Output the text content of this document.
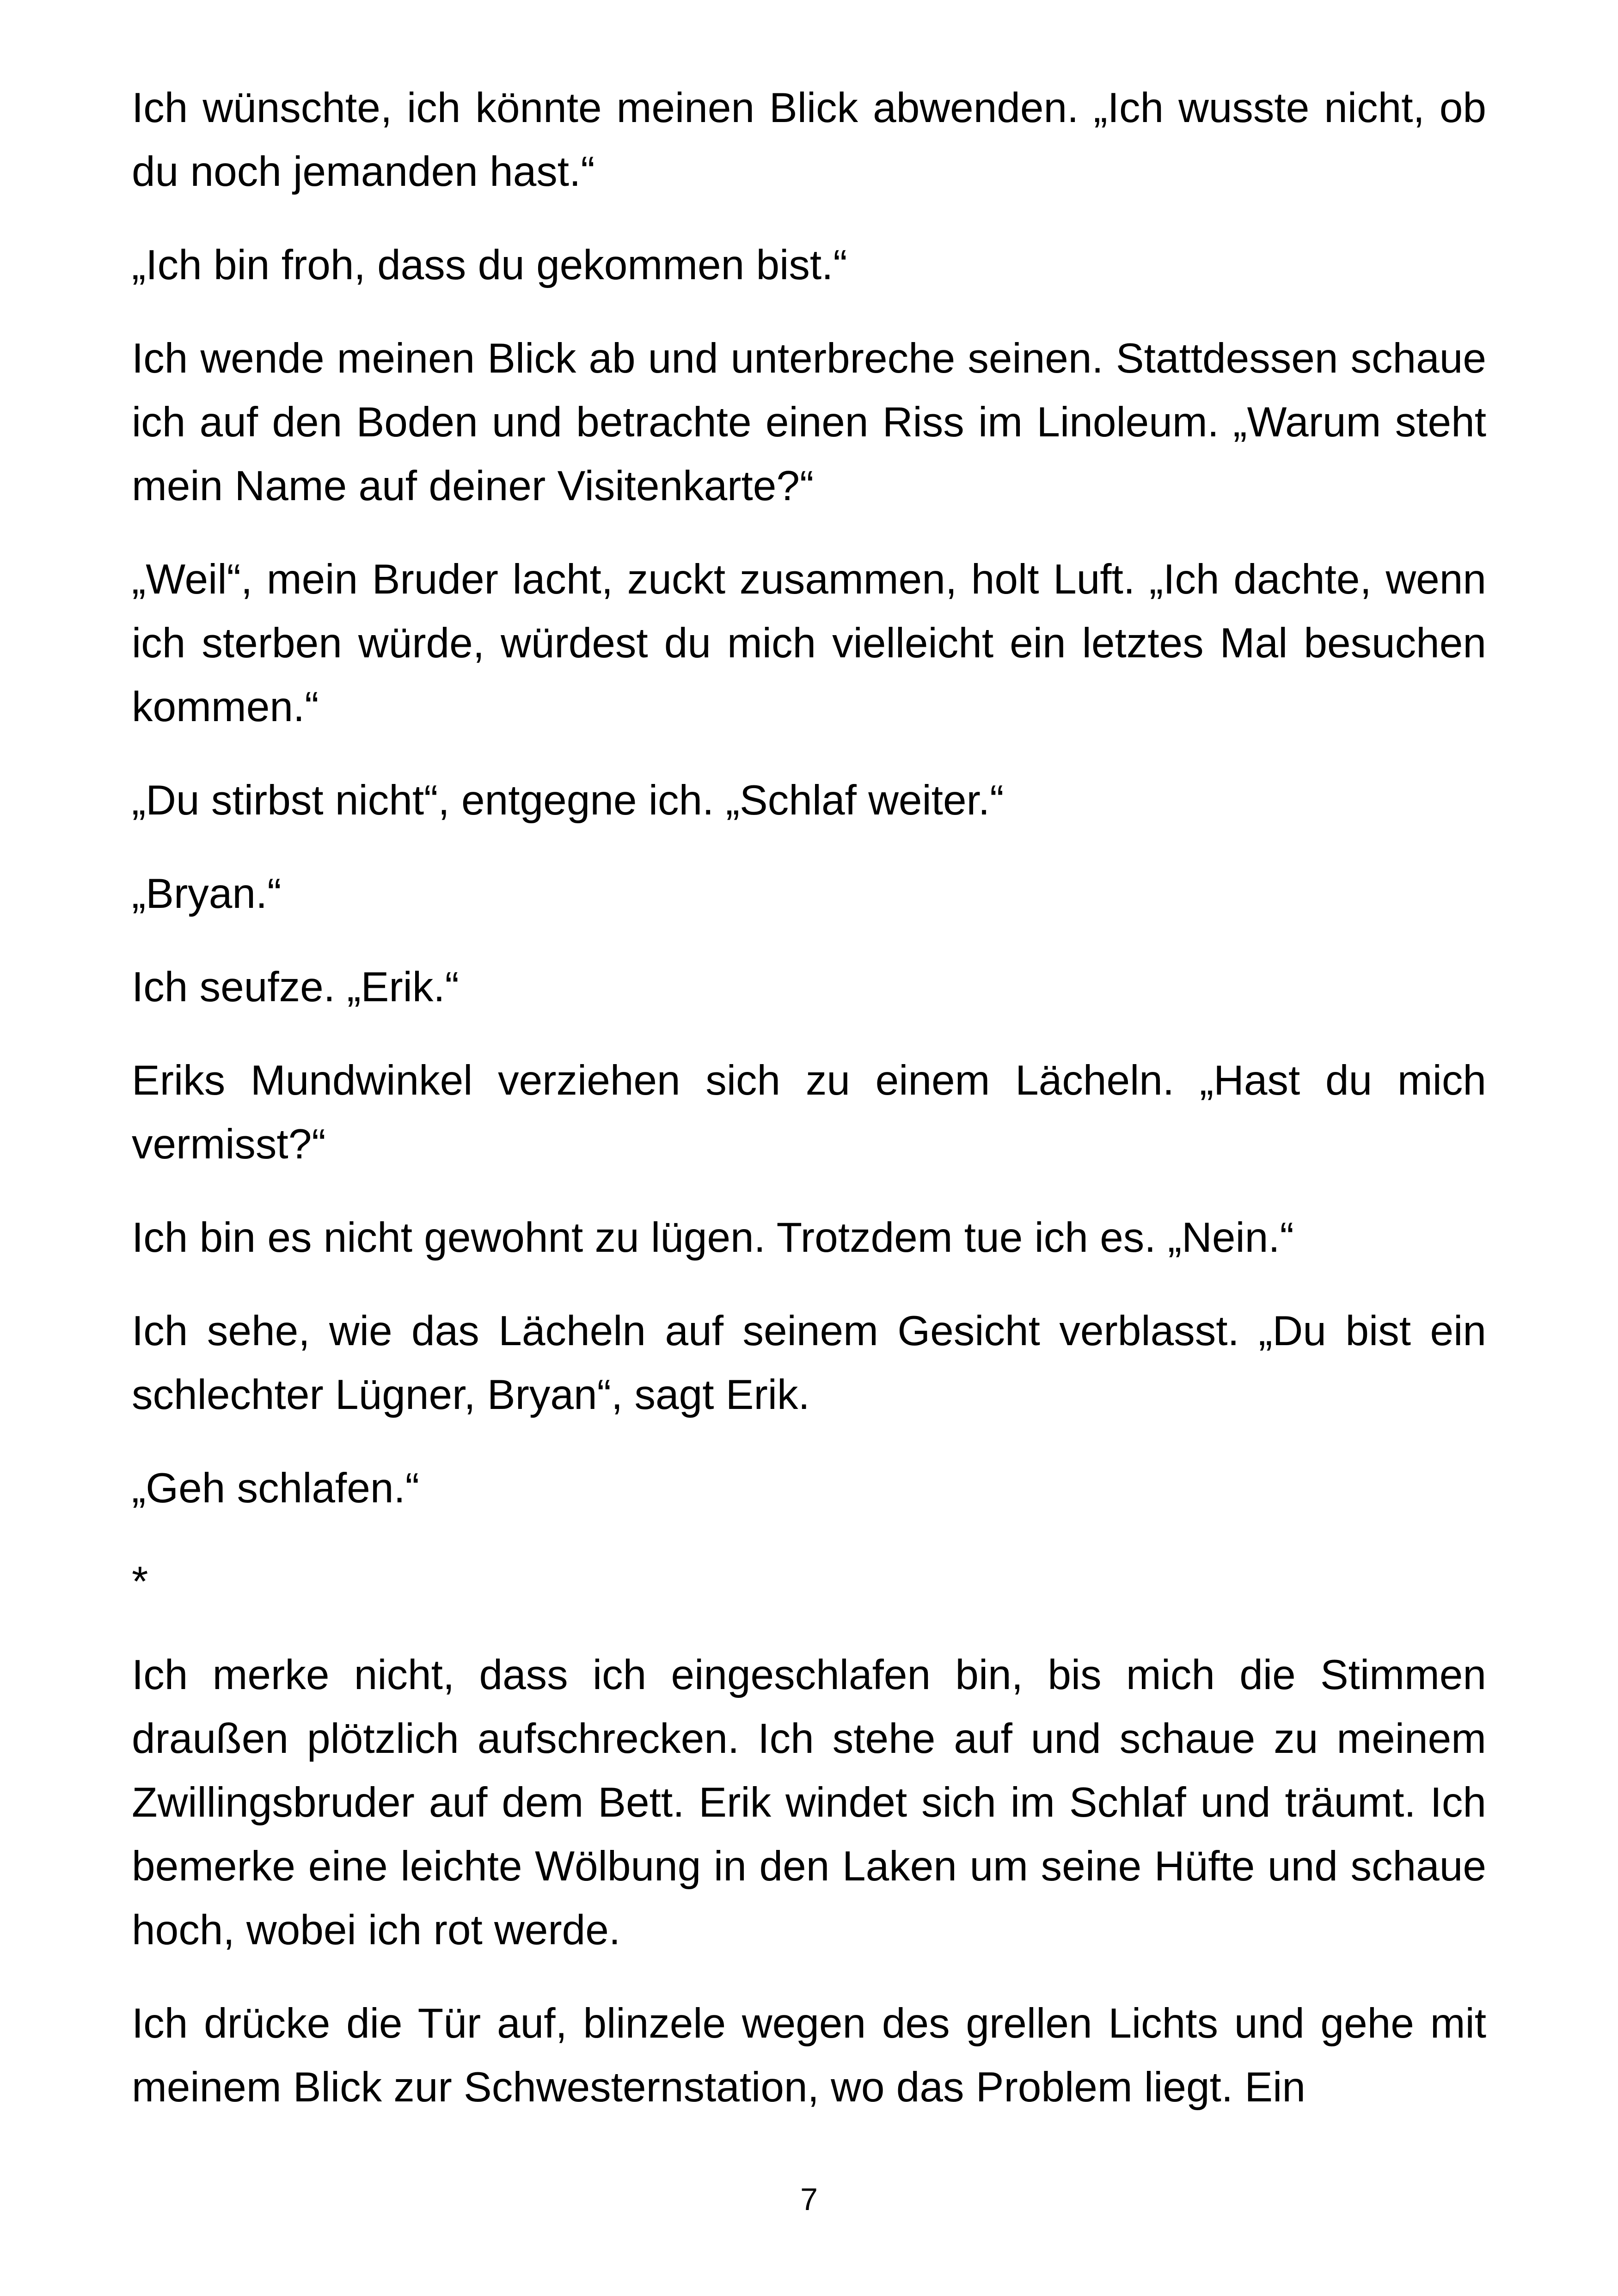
Ich wünschte, ich könnte meinen Blick abwenden. „Ich wusste nicht, ob du noch jemanden hast.“

„Ich bin froh, dass du gekommen bist.“

Ich wende meinen Blick ab und unterbreche seinen. Stattdessen schaue ich auf den Boden und betrachte einen Riss im Linoleum. „Warum steht mein Name auf deiner Visitenkarte?“

„Weil“, mein Bruder lacht, zuckt zusammen, holt Luft. „Ich dachte, wenn ich sterben würde, würdest du mich vielleicht ein letztes Mal besuchen kommen.“

„Du stirbst nicht“, entgegne ich. „Schlaf weiter.“

„Bryan.“

Ich seufze. „Erik.“

Eriks Mundwinkel verziehen sich zu einem Lächeln. „Hast du mich vermisst?“

Ich bin es nicht gewohnt zu lügen. Trotzdem tue ich es. „Nein.“

Ich sehe, wie das Lächeln auf seinem Gesicht verblasst. „Du bist ein schlechter Lügner, Bryan“, sagt Erik.

„Geh schlafen.“

*

Ich merke nicht, dass ich eingeschlafen bin, bis mich die Stimmen draußen plötzlich aufschrecken. Ich stehe auf und schaue zu meinem Zwillingsbruder auf dem Bett. Erik windet sich im Schlaf und träumt. Ich bemerke eine leichte Wölbung in den Laken um seine Hüfte und schaue hoch, wobei ich rot werde.

Ich drücke die Tür auf, blinzele wegen des grellen Lichts und gehe mit meinem Blick zur Schwesternstation, wo das Problem liegt. Ein

7
